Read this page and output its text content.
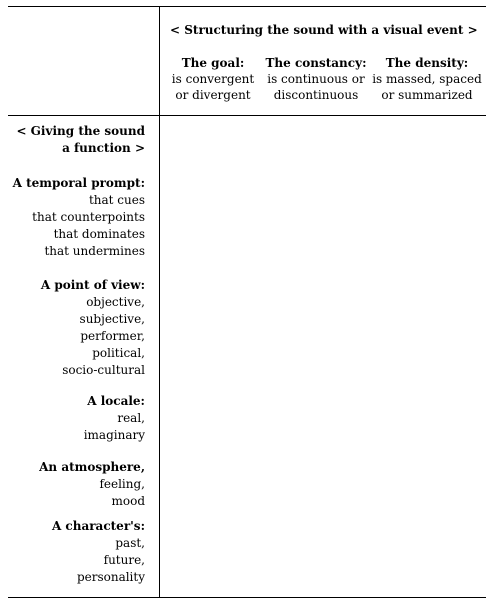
< Structuring the sound with a visual event >
The goal:
is convergent
or divergent
The constancy:
is continuous or
discontinuous
The density:
is massed, spaced
or summarized
< Giving the sound
a function >
A temporal prompt:
that cues
that counterpoints
that dominates
that undermines
A point of view:
objective,
subjective,
performer,
political,
socio-cultural
A locale:
real,
imaginary
An atmosphere,
feeling,
mood
A character's:
past,
future,
personality
